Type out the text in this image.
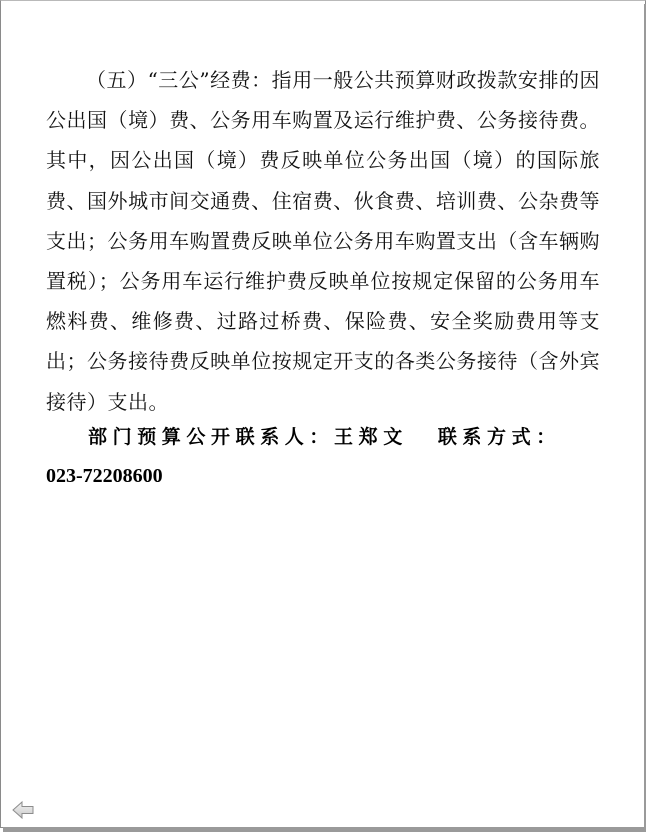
（五）“三公”经费：指用一般公共预算财政拨款安排的因公出国（境）费、公务用车购置及运行维护费、公务接待费。其中，因公出国（境）费反映单位公务出国（境）的国际旅费、国外城市间交通费、住宿费、伙食费、培训费、公杂费等支出；公务用车购置费反映单位公务用车购置支出（含车辆购置税）；公务用车运行维护费反映单位按规定保留的公务用车燃料费、维修费、过路过桥费、保险费、安全奖励费用等支出；公务接待费反映单位按规定开支的各类公务接待（含外宾接待）支出。

部门预算公开联系人：王郑文 联系方式：
023-72208600
